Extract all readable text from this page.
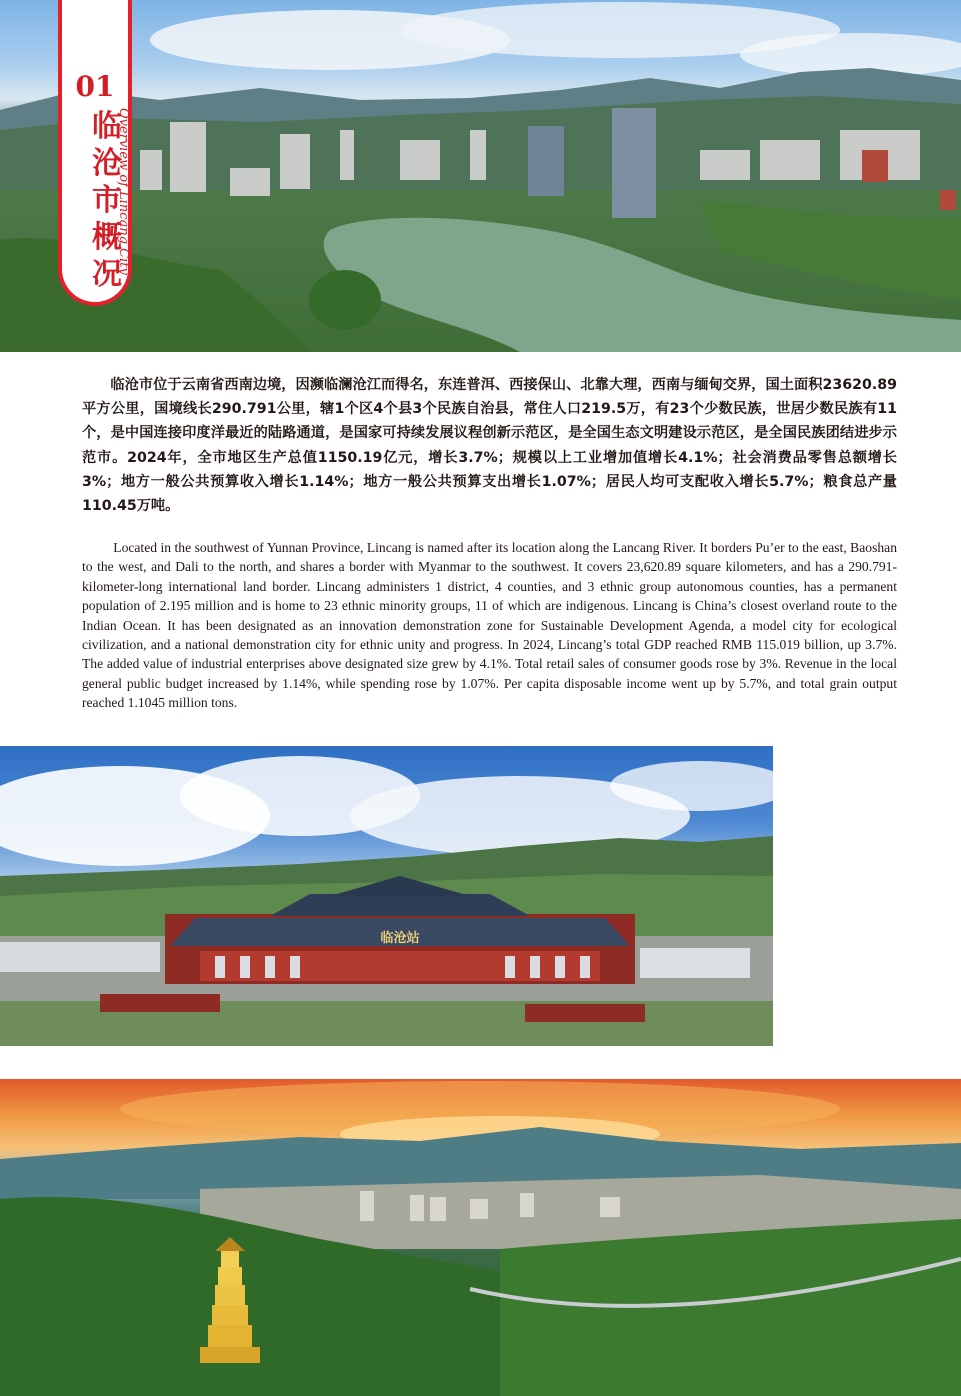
01
Overview of Lincang City
临沧市概况

临沧市位于云南省西南边境，因濒临澜沧江而得名，东连普洱、西接保山、北靠大理，西南与缅甸交界，国土面积23620.89平方公里，国境线长290.791公里，辖1个区4个县3个民族自治县，常住人口219.5万，有23个少数民族，世居少数民族有11个，是中国连接印度洋最近的陆路通道，是国家可持续发展议程创新示范区，是全国生态文明建设示范区，是全国民族团结进步示范市。2024年，全市地区生产总值1150.19亿元，增长3.7%；规模以上工业增加值增长4.1%；社会消费品零售总额增长3%；地方一般公共预算收入增长1.14%；地方一般公共预算支出增长1.07%；居民人均可支配收入增长5.7%；粮食总产量110.45万吨。

Located in the southwest of Yunnan Province, Lincang is named after its location along the Lancang River. It borders Pu’er to the east, Baoshan to the west, and Dali to the north, and shares a border with Myanmar to the southwest. It covers 23,620.89 square kilometers, and has a 290.791-kilometer-long international land border. Lincang administers 1 district, 4 counties, and 3 ethnic group autonomous counties, has a permanent population of 2.195 million and is home to 23 ethnic minority groups, 11 of which are indigenous. Lincang is China’s closest overland route to the Indian Ocean. It has been designated as an innovation demonstration zone for Sustainable Development Agenda, a model city for ecological civilization, and a national demonstration city for ethnic unity and progress. In 2024, Lincang’s total GDP reached RMB 115.019 billion, up 3.7%. The added value of industrial enterprises above designated size grew by 4.1%. Total retail sales of consumer goods rose by 3%. Revenue in the local general public budget increased by 1.14%, while spending rose by 1.07%. Per capita disposable income went up by 5.7%, and total grain output reached 1.1045 million tons.

临沧站
